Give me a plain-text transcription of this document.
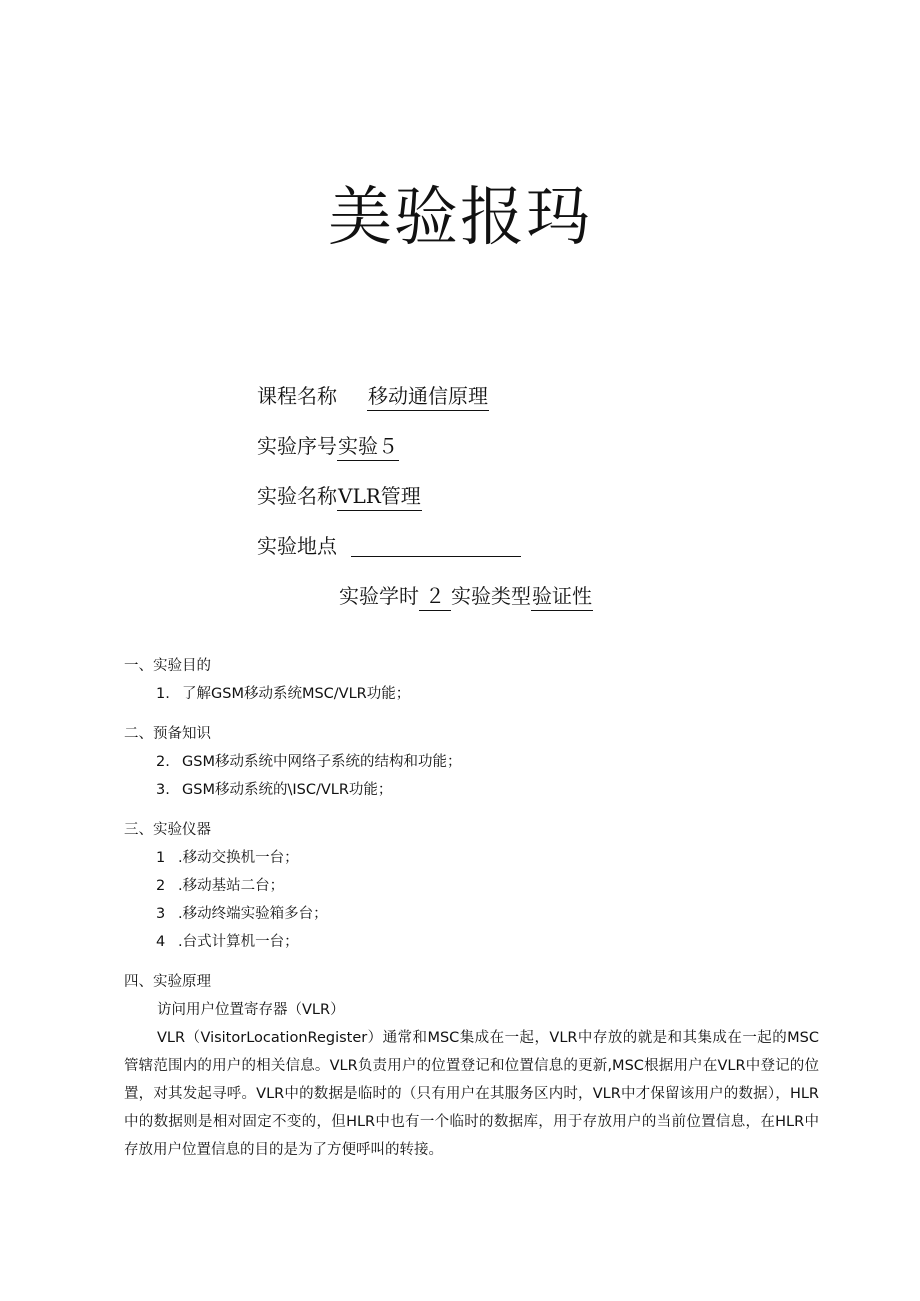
美验报玛
课程名称 移动通信原理
实验序号实验５
实验名称VLR管理
实验地点
实验学时 ２ 实验类型验证性
一、实验目的
1. 了解GSM移动系统MSC/VLR功能；
二、预备知识
2. GSM移动系统中网络子系统的结构和功能；
3. GSM移动系统的\ISC/VLR功能；
三、实验仪器
1 .移动交换机一台；
2 .移动基站二台；
3 .移动终端实验箱多台；
4 .台式计算机一台；
四、实验原理
访问用户位置寄存器（VLR）
VLR（VisitorLocationRegister）通常和MSC集成在一起，VLR中存放的就是和其集成在一起的MSC管辖范围内的用户的相关信息。VLR负责用户的位置登记和位置信息的更新,MSC根据用户在VLR中登记的位置，对其发起寻呼。VLR中的数据是临时的（只有用户在其服务区内时，VLR中才保留该用户的数据），HLR中的数据则是相对固定不变的，但HLR中也有一个临时的数据库，用于存放用户的当前位置信息，在HLR中存放用户位置信息的目的是为了方便呼叫的转接。
